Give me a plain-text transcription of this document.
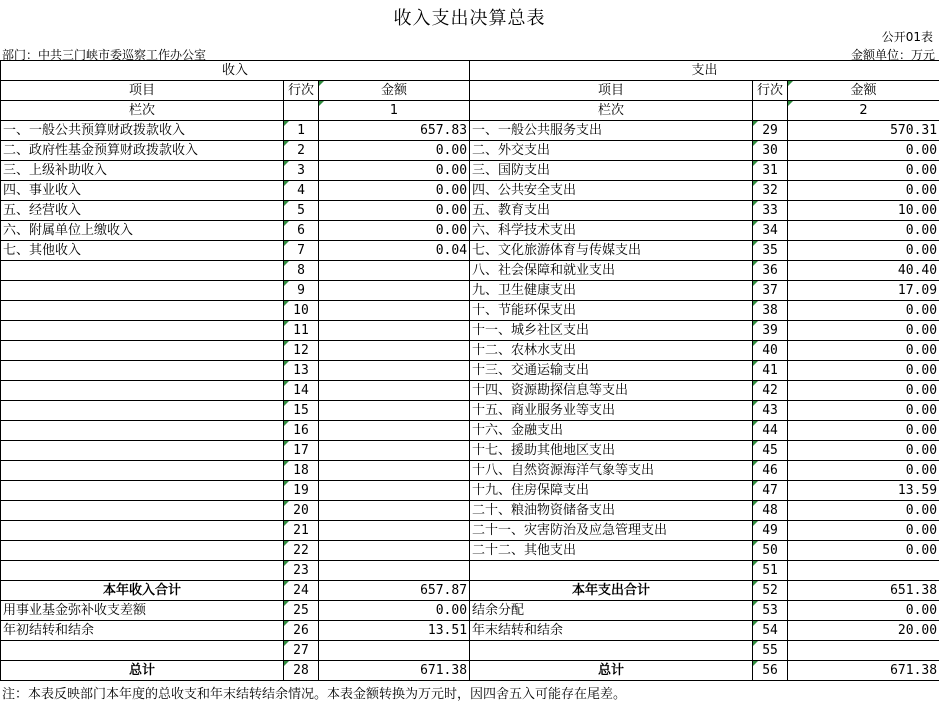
收入支出决算总表
公开01表
部门：中共三门峡市委巡察工作办公室	金额单位：万元
收入			支出		
项目	行次	金额	项目	行次	金额
栏次		1	栏次		2
一、一般公共预算财政拨款收入	1	657.83	一、一般公共服务支出	29	570.31
二、政府性基金预算财政拨款收入	2	0.00	二、外交支出	30	0.00
三、上级补助收入	3	0.00	三、国防支出	31	0.00
四、事业收入	4	0.00	四、公共安全支出	32	0.00
五、经营收入	5	0.00	五、教育支出	33	10.00
六、附属单位上缴收入	6	0.00	六、科学技术支出	34	0.00
七、其他收入	7	0.04	七、文化旅游体育与传媒支出	35	0.00
	8		八、社会保障和就业支出	36	40.40
	9		九、卫生健康支出	37	17.09
	10		十、节能环保支出	38	0.00
	11		十一、城乡社区支出	39	0.00
	12		十二、农林水支出	40	0.00
	13		十三、交通运输支出	41	0.00
	14		十四、资源勘探信息等支出	42	0.00
	15		十五、商业服务业等支出	43	0.00
	16		十六、金融支出	44	0.00
	17		十七、援助其他地区支出	45	0.00
	18		十八、自然资源海洋气象等支出	46	0.00
	19		十九、住房保障支出	47	13.59
	20		二十、粮油物资储备支出	48	0.00
	21		二十一、灾害防治及应急管理支出	49	0.00
	22		二十二、其他支出	50	0.00
	23			51	
本年收入合计	24	657.87	本年支出合计	52	651.38
用事业基金弥补收支差额	25	0.00	结余分配	53	0.00
年初结转和结余	26	13.51	年末结转和结余	54	20.00
	27			55	
总计	28	671.38	总计	56	671.38
注：本表反映部门本年度的总收支和年末结转结余情况。本表金额转换为万元时，因四舍五入可能存在尾差。
